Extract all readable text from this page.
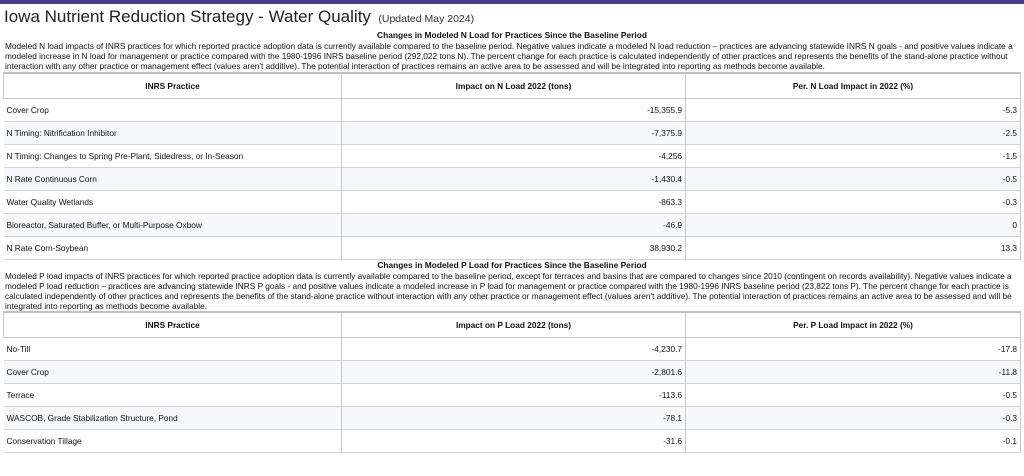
Iowa Nutrient Reduction Strategy - Water Quality (Updated May 2024)
Changes in Modeled N Load for Practices Since the Baseline Period
Modeled N load impacts of INRS practices for which reported practice adoption data is currently available compared to the baseline period. Negative values indicate a modeled N load reduction – practices are advancing statewide INRS N goals - and positive values indicate a modeled increase in N load for management or practice compared with the 1980-1996 INRS baseline period (292,022 tons N). The percent change for each practice is calculated independently of other practices and represents the benefits of the stand-alone practice without interaction with any other practice or management effect (values aren't additive). The potential interaction of practices remains an active area to be assessed and will be integrated into reporting as methods become available.
INRS Practice	Impact on N Load 2022 (tons)	Per. N Load Impact in 2022 (%)
Cover Crop	-15,355.9	-5.3
N Timing: Nitrification Inhibitor	-7,375.9	-2.5
N Timing: Changes to Spring Pre-Plant, Sidedress, or In-Season	-4,256	-1.5
N Rate Continuous Corn	-1,430.4	-0.5
Water Quality Wetlands	-863.3	-0.3
Bioreactor, Saturated Buffer, or Multi-Purpose Oxbow	-46.9	0
N Rate Corn-Soybean	38,930.2	13.3
Changes in Modeled P Load for Practices Since the Baseline Period
Modeled P load impacts of INRS practices for which reported practice adoption data is currently available compared to the baseline period, except for terraces and basins that are compared to changes since 2010 (contingent on records availability). Negative values indicate a modeled P load reduction – practices are advancing statewide INRS P goals - and positive values indicate a modeled increase in P load for management or practice compared with the 1980-1996 INRS baseline period (23,822 tons P). The percent change for each practice is calculated independently of other practices and represents the benefits of the stand-alone practice without interaction with any other practice or management effect (values aren't additive). The potential interaction of practices remains an active area to be assessed and will be integrated into reporting as methods become available.
INRS Practice	Impact on P Load 2022 (tons)	Per. P Load Impact in 2022 (%)
No-Till	-4,230.7	-17.8
Cover Crop	-2,801.6	-11.8
Terrace	-113.6	-0.5
WASCOB, Grade Stabilization Structure, Pond	-78.1	-0.3
Conservation Tillage	-31.6	-0.1
